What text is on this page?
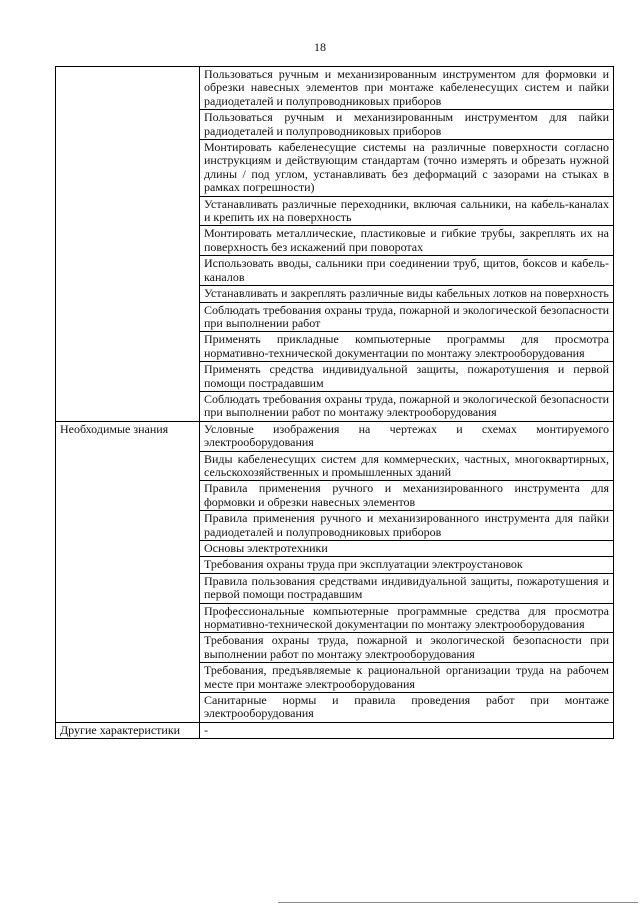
18

	Пользоваться ручным и механизированным инструментом для формовки и обрезки навесных элементов при монтаже кабеленесущих систем и пайки радиодеталей и полупроводниковых приборов

	Пользоваться ручным и механизированным инструментом для пайки радиодеталей и полупроводниковых приборов

	Монтировать кабеленесущие системы на различные поверхности согласно инструкциям и действующим стандартам (точно измерять и обрезать нужной длины / под углом, устанавливать без деформаций с зазорами на стыках в рамках погрешности)

	Устанавливать различные переходники, включая сальники, на кабель-каналах и крепить их на поверхность

	Монтировать металлические, пластиковые и гибкие трубы, закреплять их на поверхность без искажений при поворотах

	Использовать вводы, сальники при соединении труб, щитов, боксов и кабель-каналов

	Устанавливать и закреплять различные виды кабельных лотков на поверхность

	Соблюдать требования охраны труда, пожарной и экологической безопасности при выполнении работ

	Применять прикладные компьютерные программы для просмотра нормативно-технической документации по монтажу электрооборудования

	Применять средства индивидуальной защиты, пожаротушения и первой помощи пострадавшим

	Соблюдать требования охраны труда, пожарной и экологической безопасности при выполнении работ по монтажу электрооборудования

Необходимые знания	Условные изображения на чертежах и схемах монтируемого электрооборудования

	Виды кабеленесущих систем для коммерческих, частных, многоквартирных, сельскохозяйственных и промышленных зданий

	Правила применения ручного и механизированного инструмента для формовки и обрезки навесных элементов

	Правила применения ручного и механизированного инструмента для пайки радиодеталей и полупроводниковых приборов

	Основы электротехники

	Требования охраны труда при эксплуатации электроустановок

	Правила пользования средствами индивидуальной защиты, пожаротушения и первой помощи пострадавшим

	Профессиональные компьютерные программные средства для просмотра нормативно-технической документации по монтажу электрооборудования

	Требования охраны труда, пожарной и экологической безопасности при выполнении работ по монтажу электрооборудования

	Требования, предъявляемые к рациональной организации труда на рабочем месте при монтаже электрооборудования

	Санитарные нормы и правила проведения работ при монтаже электрооборудования

Другие характеристики	-
